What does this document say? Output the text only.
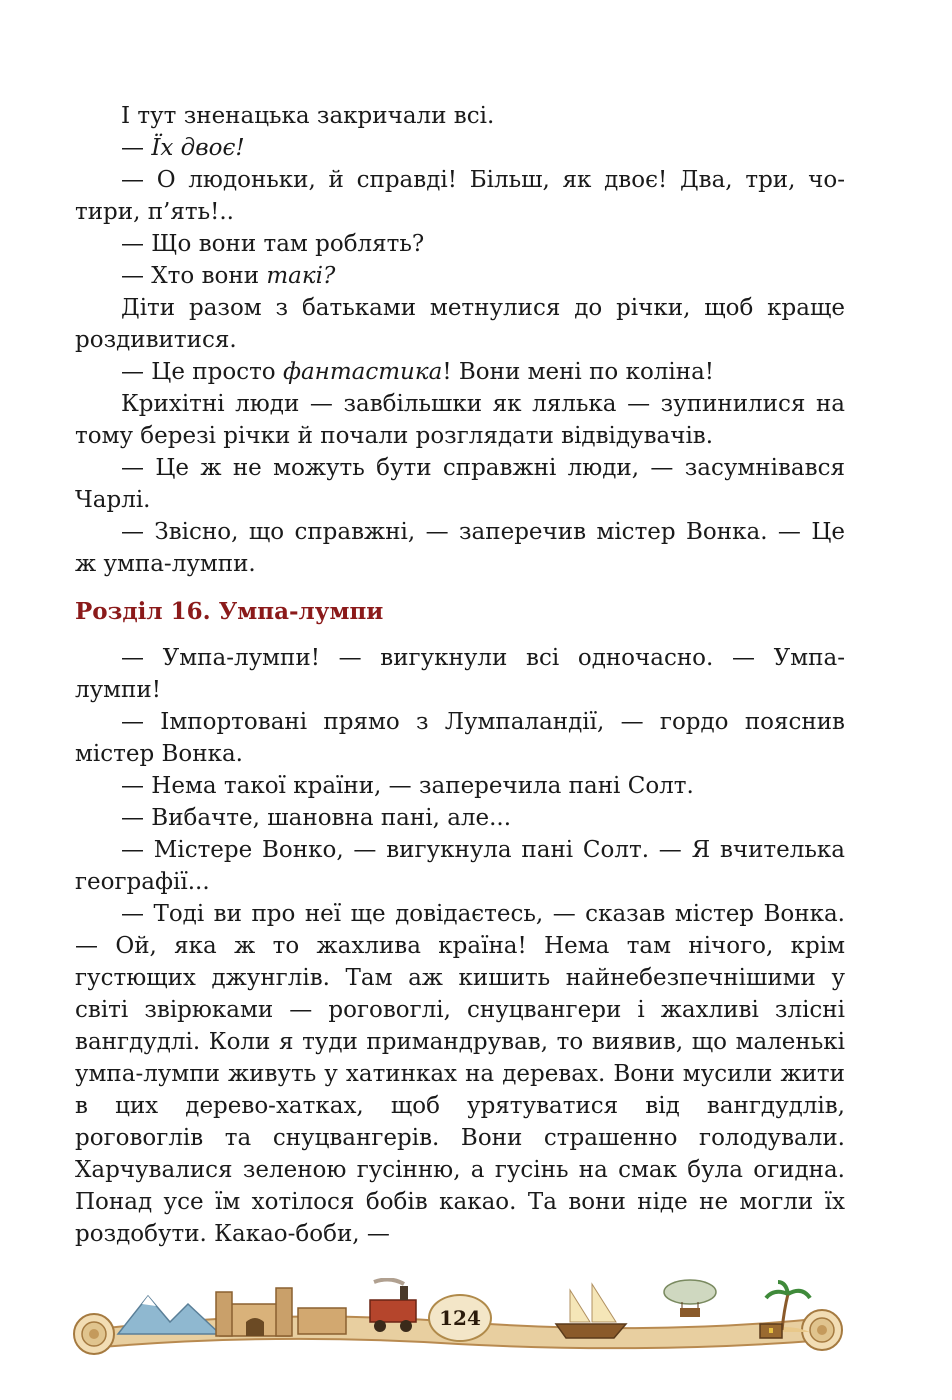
І тут зненацька закричали всі.
— Їх двоє!
— О людоньки, й справді! Більш, як двоє! Два, три, чотири, п’ять!..
— Що вони там роблять?
— Хто вони такі?
Діти разом з батьками метнулися до річки, щоб краще роздивитися.
— Це просто фантастика! Вони мені по коліна!
Крихітні люди — завбільшки як лялька — зупинилися на тому березі річки й почали розглядати відвідувачів.
— Це ж не можуть бути справжні люди, — засумнівався Чарлі.
— Звісно, що справжні, — заперечив містер Вонка. — Це ж умпа-лумпи.
Розділ 16. Умпа-лумпи
— Умпа-лумпи! — вигукнули всі одночасно. — Умпа-лумпи!
— Імпортовані прямо з Лумпаландії, — гордо пояснив містер Вонка.
— Нема такої країни, — заперечила пані Солт.
— Вибачте, шановна пані, але...
— Містере Вонко, — вигукнула пані Солт. — Я вчителька географії...
— Тоді ви про неї ще довідаєтесь, — сказав містер Вонка. — Ой, яка ж то жахлива країна! Нема там нічого, крім густющих джунглів. Там аж кишить найнебезпечнішими у світі звірюками — роговоглі, снуцвангери і жахливі злісні вангдудлі. Коли я туди примандрував, то виявив, що маленькі умпа-лумпи живуть у хатинках на деревах. Вони мусили жити в цих дерево-хатках, щоб урятуватися від вангдудлів, роговоглів та снуцвангерів. Вони страшенно голодували. Харчувалися зеленою гусінню, а гусінь на смак була огидна. Понад усе їм хотілося бобів какао. Та вони ніде не могли їх роздобути. Какао-боби, —
124
